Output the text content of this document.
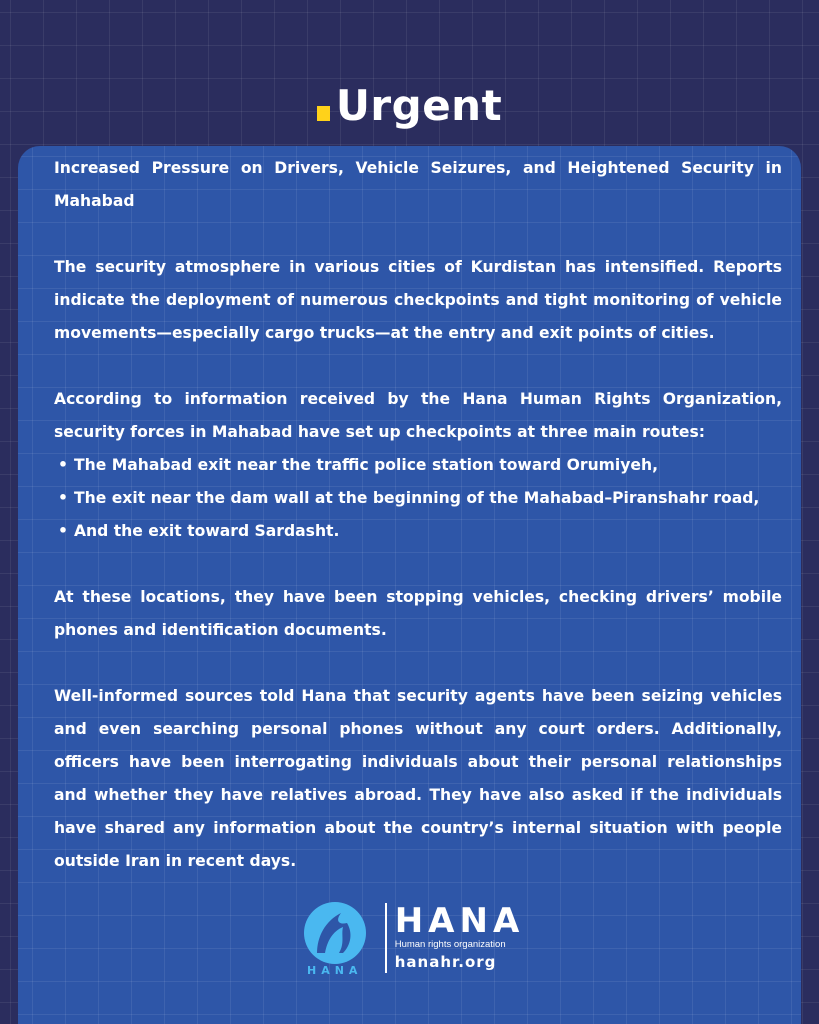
Urgent

Increased Pressure on Drivers, Vehicle Seizures, and Heightened Security in Mahabad

The security atmosphere in various cities of Kurdistan has intensified. Reports indicate the deployment of numerous checkpoints and tight monitoring of vehicle movements—especially cargo trucks—at the entry and exit points of cities.

According to information received by the Hana Human Rights Organization, security forces in Mahabad have set up checkpoints at three main routes:

• The Mahabad exit near the traffic police station toward Orumiyeh,
• The exit near the dam wall at the beginning of the Mahabad–Piranshahr road,
• And the exit toward Sardasht.

At these locations, they have been stopping vehicles, checking drivers’ mobile phones and identification documents.

Well-informed sources told Hana that security agents have been seizing vehicles and even searching personal phones without any court orders. Additionally, officers have been interrogating individuals about their personal relationships and whether they have relatives abroad. They have also asked if the individuals have shared any information about the country’s internal situation with people outside Iran in recent days.

HANA
HANA
Human rights organization
hanahr.org
